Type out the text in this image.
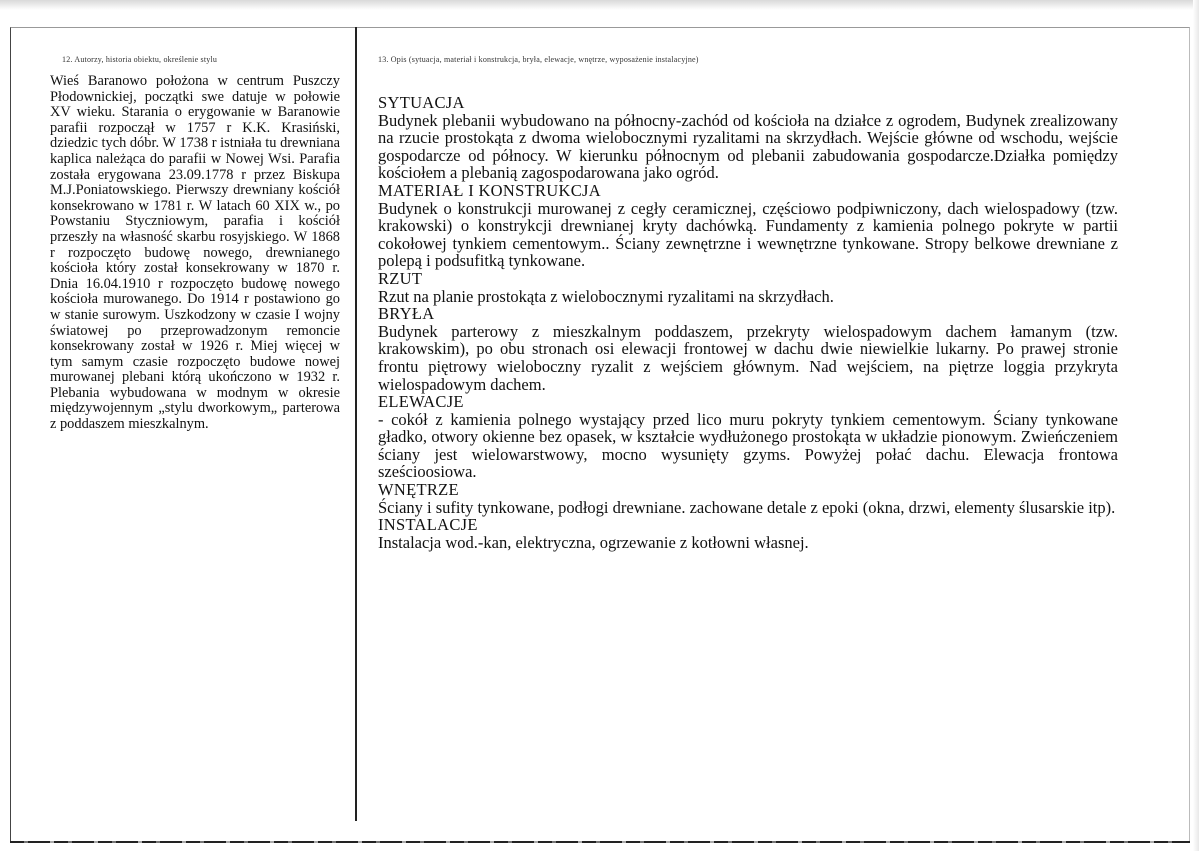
12. Autorzy, historia obiektu, określenie stylu

Wieś Baranowo położona w centrum Puszczy Płodownickiej, początki swe datuje w połowie XV wieku. Starania o erygowanie w Baranowie parafii rozpoczął w 1757 r K.K. Krasiński, dziedzic tych dóbr. W 1738 r istniała tu drewniana kaplica należąca do parafii w Nowej Wsi. Parafia została erygowana 23.09.1778 r przez Biskupa M.J.Poniatowskiego. Pierwszy drewniany kościół konsekrowano w 1781 r. W latach 60 XIX w., po Powstaniu Styczniowym, parafia i kościół przeszły na własność skarbu rosyjskiego. W 1868 r rozpoczęto budowę nowego, drewnianego kościoła który został konsekrowany w 1870 r. Dnia 16.04.1910 r rozpoczęto budowę nowego kościoła murowanego. Do 1914 r postawiono go w stanie surowym. Uszkodzony w czasie I wojny światowej po przeprowadzonym remoncie konsekrowany został w 1926 r. Miej więcej w tym samym czasie rozpoczęto budowe nowej murowanej plebani którą ukończono w 1932 r. Plebania wybudowana w modnym w okresie międzywojennym „stylu dworkowym„ parterowa z poddaszem mieszkalnym.

13. Opis (sytuacja, materiał i konstrukcja, bryła, elewacje, wnętrze, wyposażenie instalacyjne)
SYTUACJA

Budynek plebanii wybudowano na północny-zachód od kościoła na działce z ogrodem, Budynek zrealizowany na rzucie prostokąta z dwoma wielobocznymi ryzalitami na skrzydłach. Wejście główne od wschodu, wejście gospodarcze od północy. W kierunku północnym od plebanii zabudowania gospodarcze.Działka pomiędzy kościołem a plebanią zagospodarowana jako ogród.

MATERIAŁ I KONSTRUKCJA

Budynek o konstrukcji murowanej z cegły ceramicznej, częściowo podpiwniczony, dach wielospadowy (tzw. krakowski) o konstrykcji drewnianej kryty dachówką. Fundamenty z kamienia polnego pokryte w partii cokołowej tynkiem cementowym.. Ściany zewnętrzne i wewnętrzne tynkowane. Stropy belkowe drewniane z polepą i podsufitką tynkowane.

RZUT

Rzut na planie prostokąta z wielobocznymi ryzalitami na skrzydłach.

BRYŁA

Budynek parterowy z mieszkalnym poddaszem, przekryty wielospadowym dachem łamanym (tzw. krakowskim), po obu stronach osi elewacji frontowej w dachu dwie niewielkie lukarny. Po prawej stronie frontu piętrowy wieloboczny ryzalit z wejściem głównym. Nad wejściem, na piętrze loggia przykryta wielospadowym dachem.

ELEWACJE

- cokół z kamienia polnego wystający przed lico muru pokryty tynkiem cementowym. Ściany tynkowane gładko, otwory okienne bez opasek, w kształcie wydłużonego prostokąta w układzie pionowym. Zwieńczeniem ściany jest wielowarstwowy, mocno wysunięty gzyms. Powyżej połać dachu. Elewacja frontowa sześcioosiowa.

WNĘTRZE

Ściany i sufity tynkowane, podłogi drewniane. zachowane detale z epoki (okna, drzwi, elementy ślusarskie itp).

INSTALACJE

Instalacja wod.-kan, elektryczna, ogrzewanie z kotłowni własnej.
